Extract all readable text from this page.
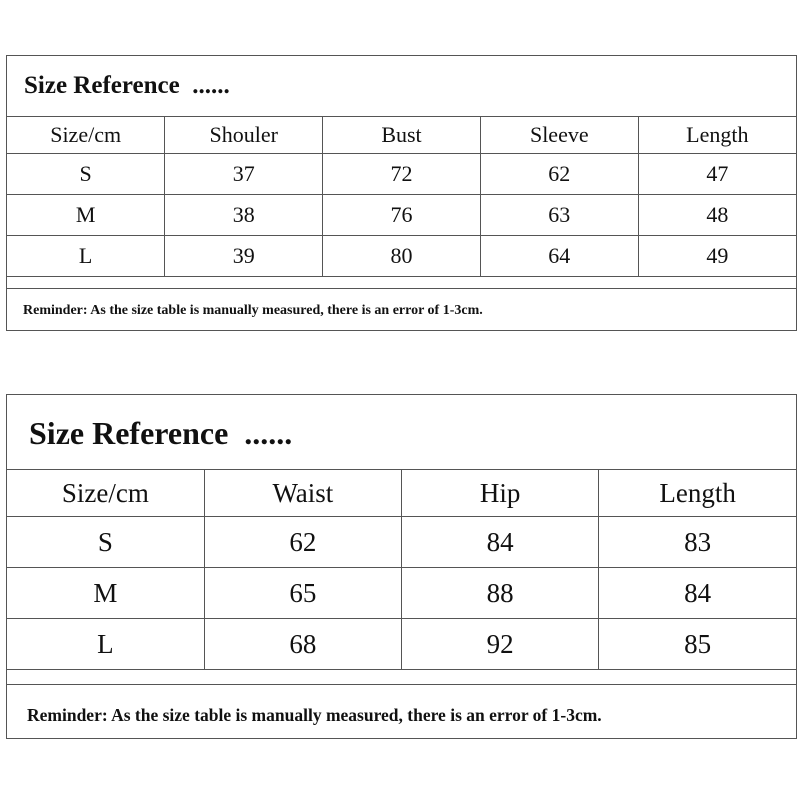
Size Reference  ......
Size/cm	Shouler	Bust	Sleeve	Length
S	37	72	62	47
M	38	76	63	48
L	39	80	64	49
Reminder: As the size table is manually measured, there is an error of 1-3cm.
Size Reference  ......
Size/cm	Waist	Hip	Length
S	62	84	83
M	65	88	84
L	68	92	85
Reminder: As the size table is manually measured, there is an error of 1-3cm.
